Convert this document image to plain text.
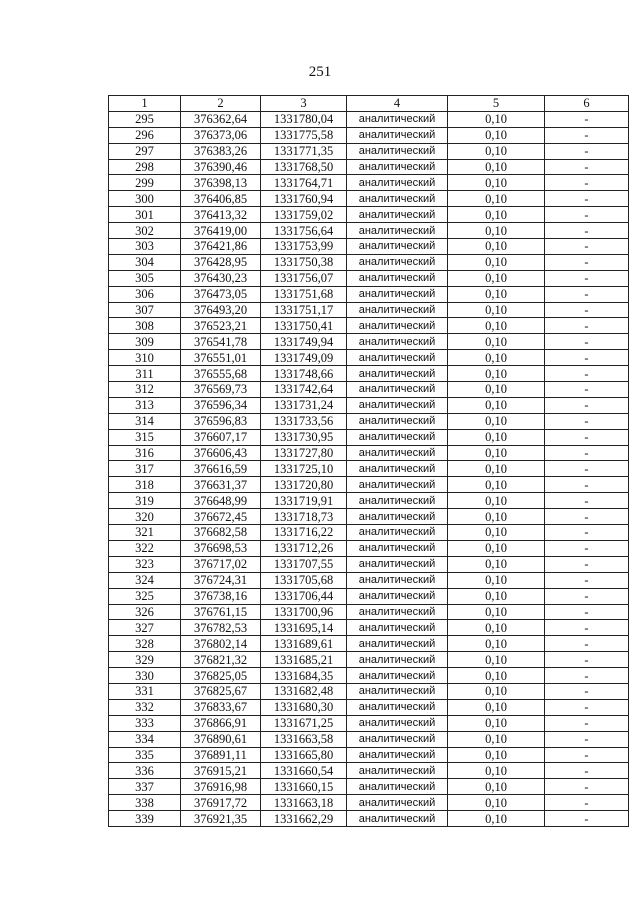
251
1	2	3	4	5	6
295	376362,64	1331780,04	аналитический	0,10	-
296	376373,06	1331775,58	аналитический	0,10	-
297	376383,26	1331771,35	аналитический	0,10	-
298	376390,46	1331768,50	аналитический	0,10	-
299	376398,13	1331764,71	аналитический	0,10	-
300	376406,85	1331760,94	аналитический	0,10	-
301	376413,32	1331759,02	аналитический	0,10	-
302	376419,00	1331756,64	аналитический	0,10	-
303	376421,86	1331753,99	аналитический	0,10	-
304	376428,95	1331750,38	аналитический	0,10	-
305	376430,23	1331756,07	аналитический	0,10	-
306	376473,05	1331751,68	аналитический	0,10	-
307	376493,20	1331751,17	аналитический	0,10	-
308	376523,21	1331750,41	аналитический	0,10	-
309	376541,78	1331749,94	аналитический	0,10	-
310	376551,01	1331749,09	аналитический	0,10	-
311	376555,68	1331748,66	аналитический	0,10	-
312	376569,73	1331742,64	аналитический	0,10	-
313	376596,34	1331731,24	аналитический	0,10	-
314	376596,83	1331733,56	аналитический	0,10	-
315	376607,17	1331730,95	аналитический	0,10	-
316	376606,43	1331727,80	аналитический	0,10	-
317	376616,59	1331725,10	аналитический	0,10	-
318	376631,37	1331720,80	аналитический	0,10	-
319	376648,99	1331719,91	аналитический	0,10	-
320	376672,45	1331718,73	аналитический	0,10	-
321	376682,58	1331716,22	аналитический	0,10	-
322	376698,53	1331712,26	аналитический	0,10	-
323	376717,02	1331707,55	аналитический	0,10	-
324	376724,31	1331705,68	аналитический	0,10	-
325	376738,16	1331706,44	аналитический	0,10	-
326	376761,15	1331700,96	аналитический	0,10	-
327	376782,53	1331695,14	аналитический	0,10	-
328	376802,14	1331689,61	аналитический	0,10	-
329	376821,32	1331685,21	аналитический	0,10	-
330	376825,05	1331684,35	аналитический	0,10	-
331	376825,67	1331682,48	аналитический	0,10	-
332	376833,67	1331680,30	аналитический	0,10	-
333	376866,91	1331671,25	аналитический	0,10	-
334	376890,61	1331663,58	аналитический	0,10	-
335	376891,11	1331665,80	аналитический	0,10	-
336	376915,21	1331660,54	аналитический	0,10	-
337	376916,98	1331660,15	аналитический	0,10	-
338	376917,72	1331663,18	аналитический	0,10	-
339	376921,35	1331662,29	аналитический	0,10	-
